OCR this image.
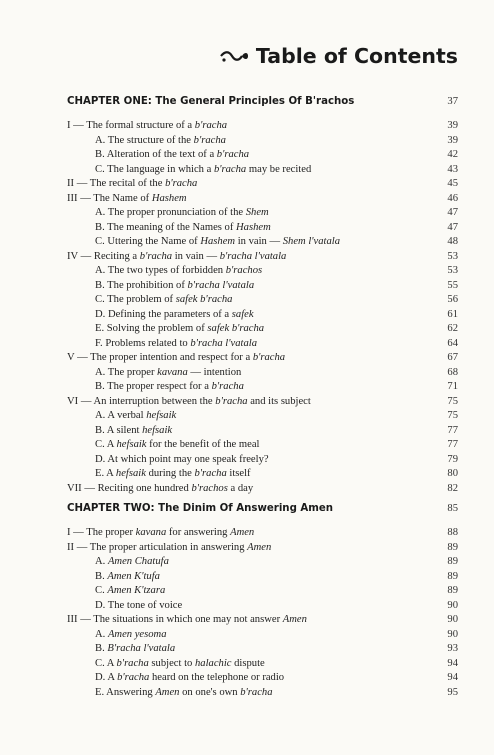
Table of Contents
CHAPTER ONE: The General Principles Of B'rachos	37
I — The formal structure of a b'racha	39
A. The structure of the b'racha	39
B. Alteration of the text of a b'racha	42
C. The language in which a b'racha may be recited	43
II — The recital of the b'racha	45
III — The Name of Hashem	46
A. The proper pronunciation of the Shem	47
B. The meaning of the Names of Hashem	47
C. Uttering the Name of Hashem in vain — Shem l'vatala	48
IV — Reciting a b'racha in vain — b'racha l'vatala	53
A. The two types of forbidden b'rachos	53
B. The prohibition of b'racha l'vatala	55
C. The problem of safek b'racha	56
D. Defining the parameters of a safek	61
E. Solving the problem of safek b'racha	62
F. Problems related to b'racha l'vatala	64
V — The proper intention and respect for a b'racha	67
A. The proper kavana — intention	68
B. The proper respect for a b'racha	71
VI — An interruption between the b'racha and its subject	75
A. A verbal hefsaik	75
B. A silent hefsaik	77
C. A hefsaik for the benefit of the meal	77
D. At which point may one speak freely?	79
E. A hefsaik during the b'racha itself	80
VII — Reciting one hundred b'rachos a day	82
CHAPTER TWO: The Dinim Of Answering Amen	85
I — The proper kavana for answering Amen	88
II — The proper articulation in answering Amen	89
A. Amen Chatufa	89
B. Amen K'tufa	89
C. Amen K'tzara	89
D. The tone of voice	90
III — The situations in which one may not answer Amen	90
A. Amen yesoma	90
B. B'racha l'vatala	93
C. A b'racha subject to halachic dispute	94
D. A b'racha heard on the telephone or radio	94
E. Answering Amen on one's own b'racha	95
